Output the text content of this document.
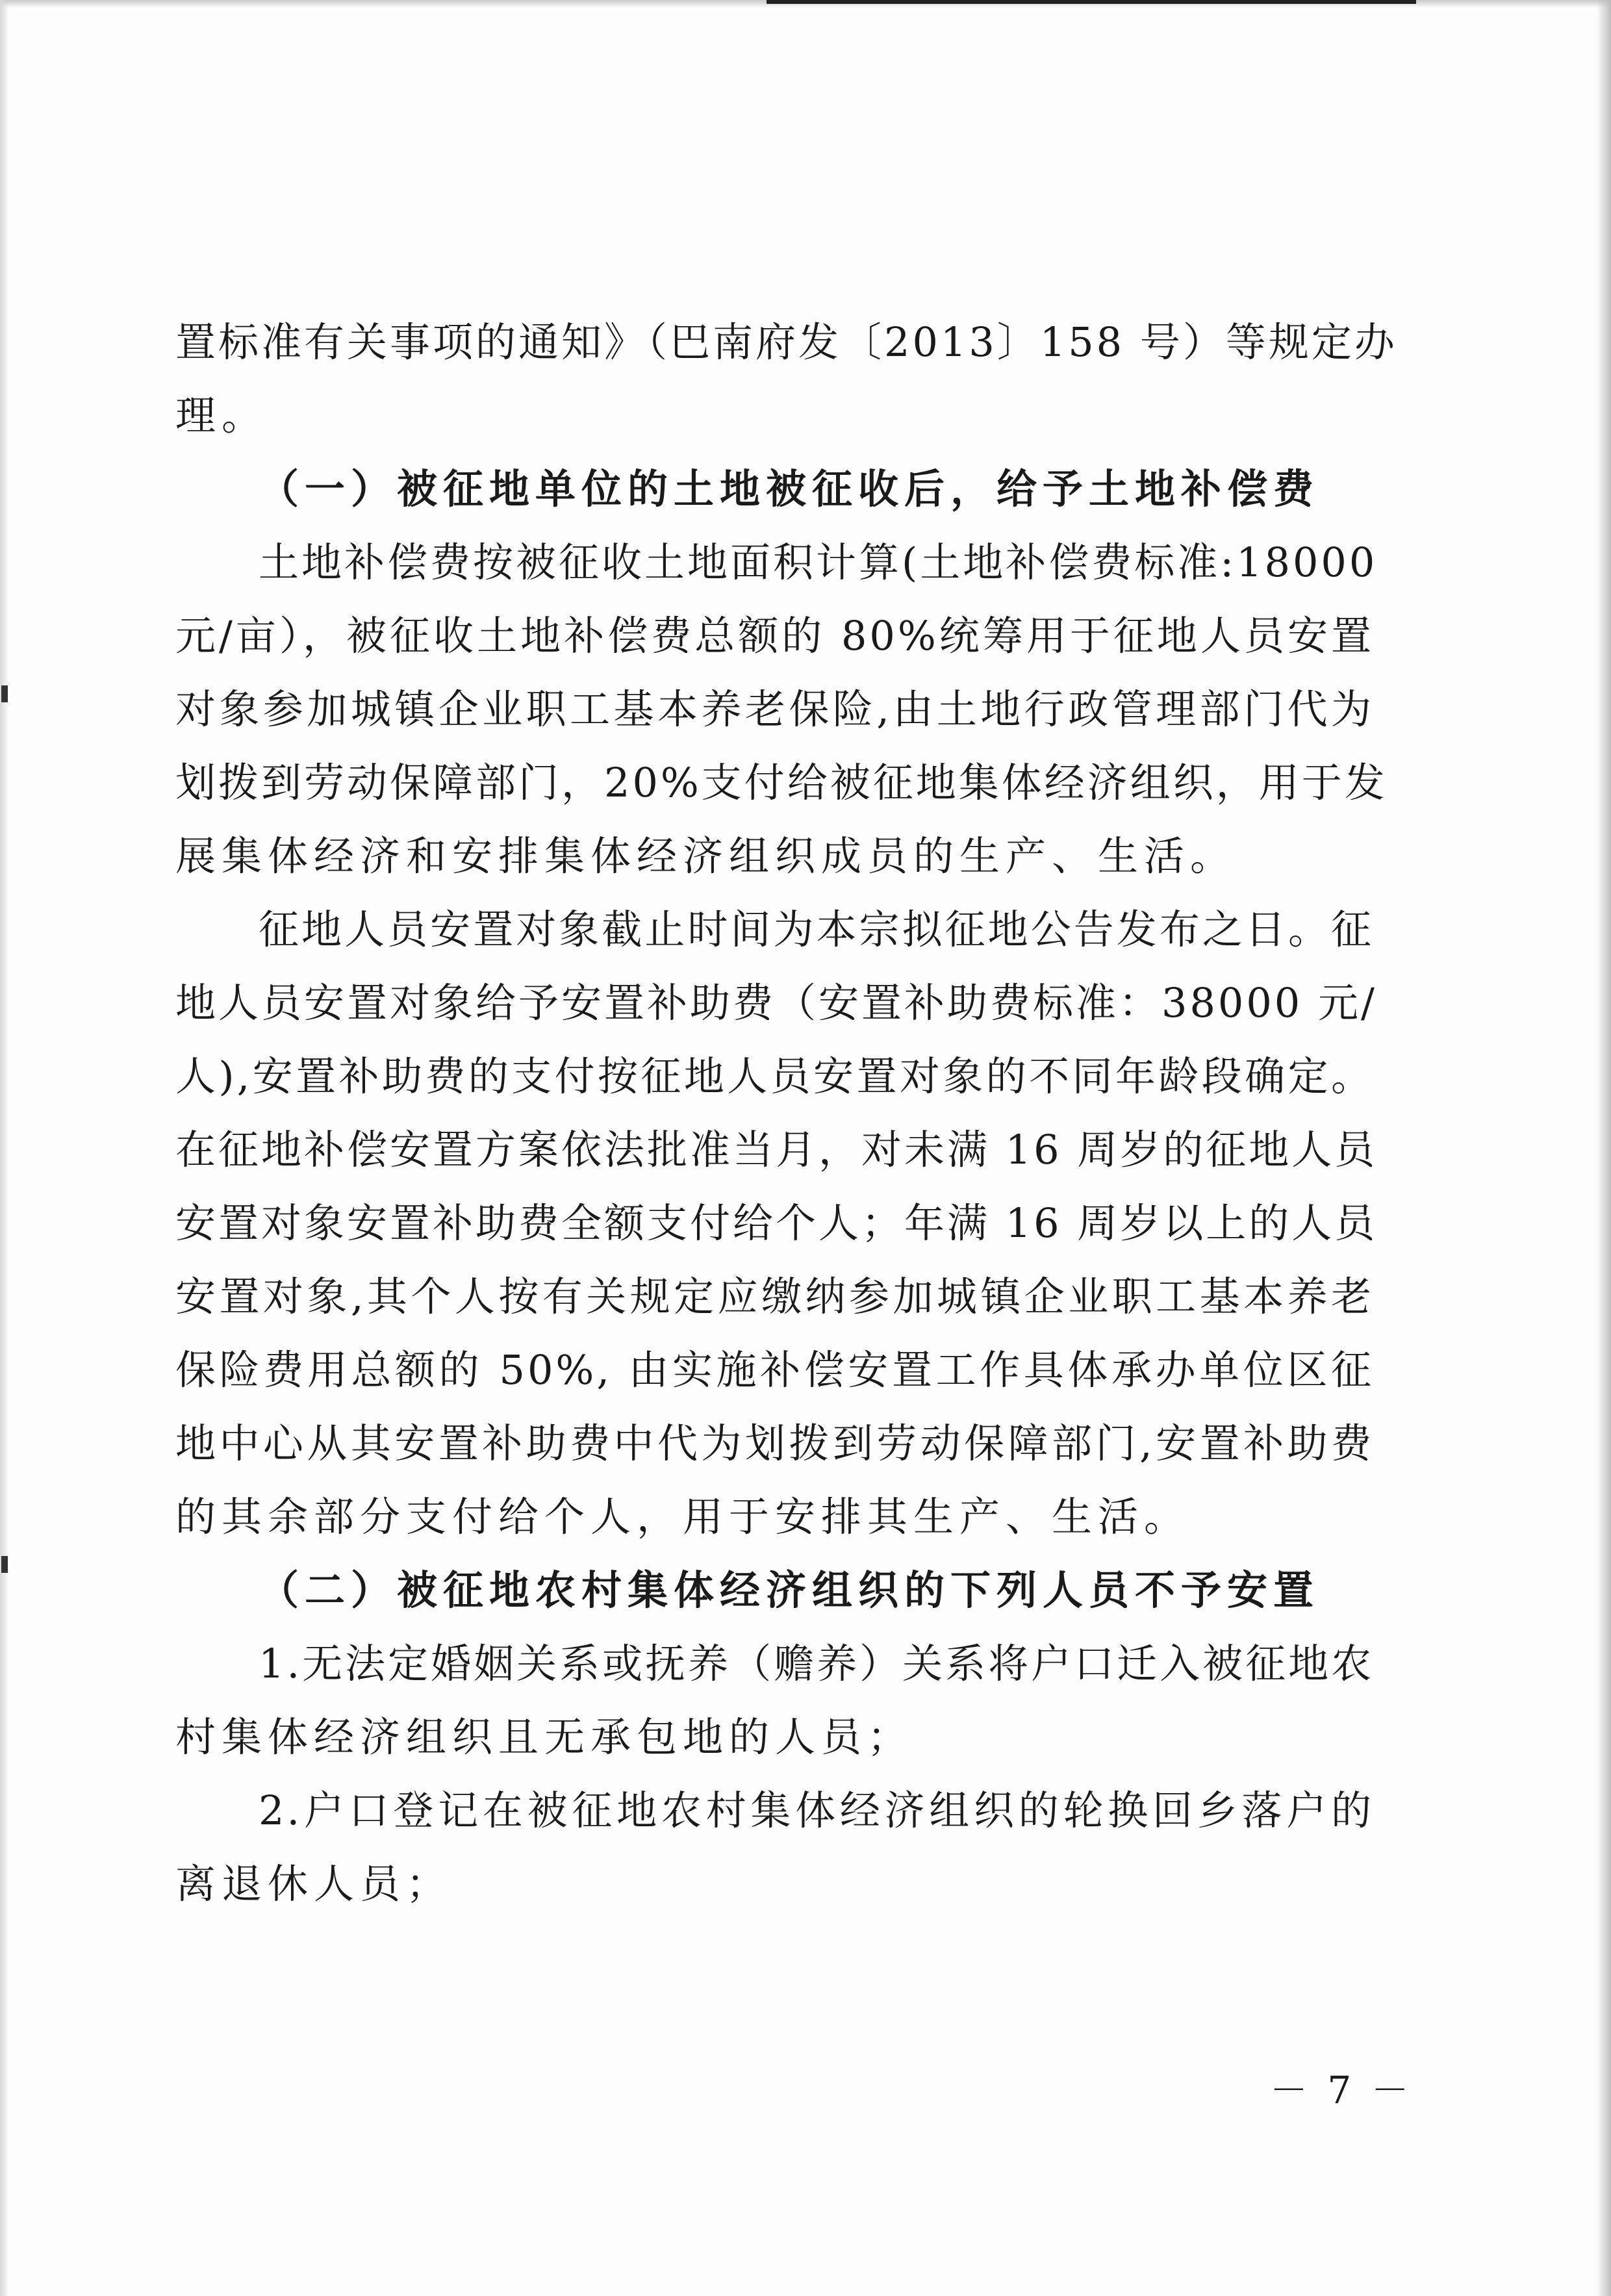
置标准有关事项的通知》（巴南府发〔2013〕158 号）等规定办
理。
（一）被征地单位的土地被征收后，给予土地补偿费
土地补偿费按被征收土地面积计算(土地补偿费标准:18000
元/亩），被征收土地补偿费总额的 80%统筹用于征地人员安置
对象参加城镇企业职工基本养老保险,由土地行政管理部门代为
划拨到劳动保障部门，20%支付给被征地集体经济组织，用于发
展集体经济和安排集体经济组织成员的生产、生活。
征地人员安置对象截止时间为本宗拟征地公告发布之日。征
地人员安置对象给予安置补助费（安置补助费标准：38000 元/
人),安置补助费的支付按征地人员安置对象的不同年龄段确定。
在征地补偿安置方案依法批准当月，对未满 16 周岁的征地人员
安置对象安置补助费全额支付给个人；年满 16 周岁以上的人员
安置对象,其个人按有关规定应缴纳参加城镇企业职工基本养老
保险费用总额的 50%, 由实施补偿安置工作具体承办单位区征
地中心从其安置补助费中代为划拨到劳动保障部门,安置补助费
的其余部分支付给个人，用于安排其生产、生活。
（二）被征地农村集体经济组织的下列人员不予安置
1.无法定婚姻关系或抚养（赡养）关系将户口迁入被征地农
村集体经济组织且无承包地的人员；
2.户口登记在被征地农村集体经济组织的轮换回乡落户的
离退休人员；
－ 7 －
